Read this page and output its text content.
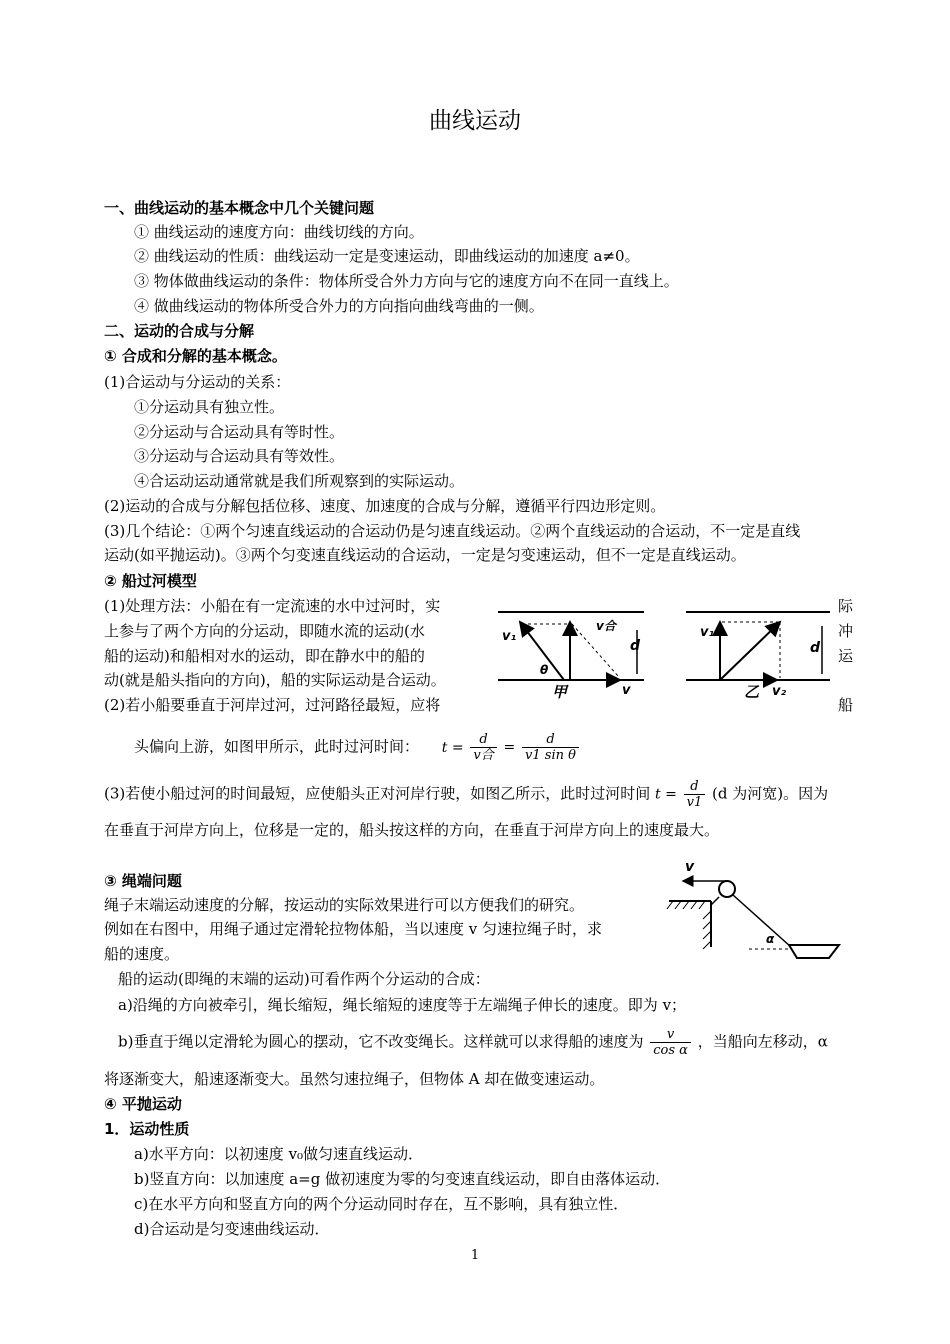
曲线运动
一、曲线运动的基本概念中几个关键问题
① 曲线运动的速度方向：曲线切线的方向。
② 曲线运动的性质：曲线运动一定是变速运动，即曲线运动的加速度 a≠0。
③ 物体做曲线运动的条件：物体所受合外力方向与它的速度方向不在同一直线上。
④ 做曲线运动的物体所受合外力的方向指向曲线弯曲的一侧。
二、运动的合成与分解
① 合成和分解的基本概念。
(1)合运动与分运动的关系：
①分运动具有独立性。
②分运动与合运动具有等时性。
③分运动与合运动具有等效性。
④合运动运动通常就是我们所观察到的实际运动。
(2)运动的合成与分解包括位移、速度、加速度的合成与分解，遵循平行四边形定则。
(3)几个结论：①两个匀速直线运动的合运动仍是匀速直线运动。②两个直线运动的合运动，不一定是直线
运动(如平抛运动)。③两个匀变速直线运动的合运动，一定是匀变速运动，但不一定是直线运动。
② 船过河模型
(1)处理方法：小船在有一定流速的水中过河时，实
上参与了两个方向的分运动，即随水流的运动(水
船的运动)和船相对水的运动，即在静水中的船的
动(就是船头指向的方向)，船的实际运动是合运动。
(2)若小船要垂直于河岸过河，过河路径最短，应将
际
冲
运
船
v₁
v合
d
θ
甲	v
v₁
d
乙 v₂
头偏向上游，如图甲所示，此时过河时间： $t = \frac{d}{\text{v合}} = \frac{d}{\text{v1 sin θ}}$
(3)若使小船过河的时间最短，应使船头正对河岸行驶，如图乙所示，此时过河时间 $t = \frac{d}{v1} (d$ 为河宽)。因为
在垂直于河岸方向上，位移是一定的，船头按这样的方向，在垂直于河岸方向上的速度最大。
③ 绳端问题
绳子末端运动速度的分解，按运动的实际效果进行可以方便我们的研究。
例如在右图中，用绳子通过定滑轮拉物体船，当以速度 v 匀速拉绳子时，求
船的速度。
v
α
船的运动(即绳的末端的运动)可看作两个分运动的合成：
a)沿绳的方向被牵引，绳长缩短，绳长缩短的速度等于左端绳子伸长的速度。即为 v；
b)垂直于绳以定滑轮为圆心的摆动，它不改变绳长。这样就可以求得船的速度为 $\frac{v}{\text{cos α}}$ ，当船向左移动，α
将逐渐变大，船速逐渐变大。虽然匀速拉绳子，但物体 A 却在做变速运动。
④ 平抛运动
1．运动性质
a)水平方向：以初速度 v₀做匀速直线运动．
b)竖直方向：以加速度 a=g 做初速度为零的匀变速直线运动，即自由落体运动．
c)在水平方向和竖直方向的两个分运动同时存在，互不影响，具有独立性．
d)合运动是匀变速曲线运动．
1
